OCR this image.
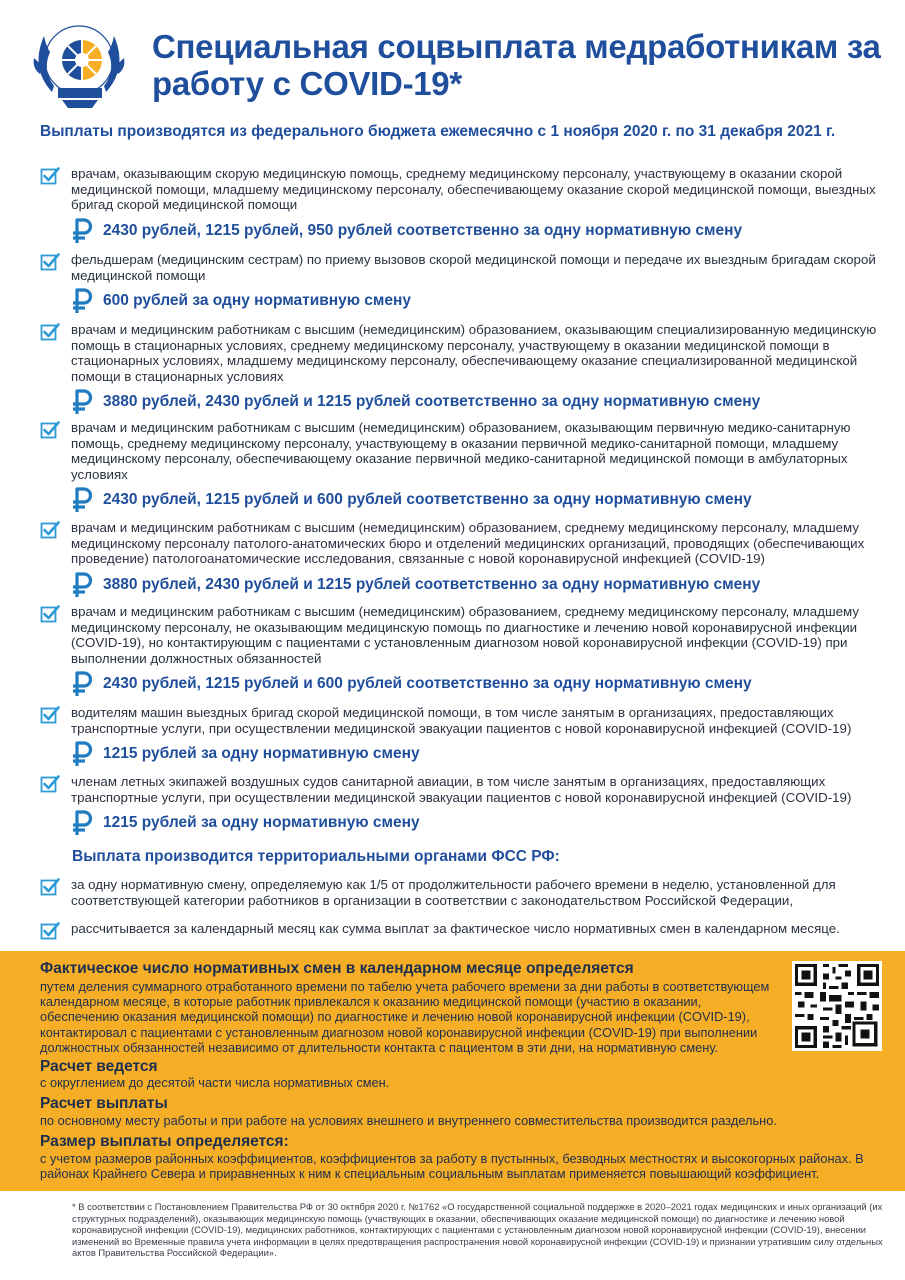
Специальная соцвыплата медработникам за работу с COVID-19*
Выплаты производятся из федерального бюджета ежемесячно с 1 ноября 2020 г. по 31 декабря 2021 г.
врачам, оказывающим скорую медицинскую помощь, среднему медицинскому персоналу, участвующему в оказании скорой медицинской помощи, младшему медицинскому персоналу, обеспечивающему оказание скорой медицинской помощи, выездных бригад скорой медицинской помощи
2430 рублей, 1215 рублей, 950 рублей соответственно за одну нормативную смену
фельдшерам (медицинским сестрам) по приему вызовов скорой медицинской помощи и передаче их выездным бригадам скорой медицинской помощи
600 рублей за одну нормативную смену
врачам и медицинским работникам с высшим (немедицинским) образованием, оказывающим специализированную медицинскую помощь в стационарных условиях, среднему медицинскому персоналу, участвующему в оказании медицинской помощи в стационарных условиях, младшему медицинскому персоналу, обеспечивающему оказание специализированной медицинской помощи в стационарных условиях
3880 рублей, 2430 рублей и 1215 рублей соответственно за одну нормативную смену
врачам и медицинским работникам с высшим (немедицинским) образованием, оказывающим первичную медико-санитарную помощь, среднему медицинскому персоналу, участвующему в оказании первичной медико-санитарной помощи, младшему медицинскому персоналу, обеспечивающему оказание первичной медико-санитарной медицинской помощи в амбулаторных условиях
2430 рублей, 1215 рублей и 600 рублей соответственно за одну нормативную смену
врачам и медицинским работникам с высшим (немедицинским) образованием, среднему медицинскому персоналу, младшему медицинскому персоналу патолого-анатомических бюро и отделений медицинских организаций, проводящих (обеспечивающих проведение) патологоанатомические исследования, связанные с новой коронавирусной инфекцией (COVID-19)
3880 рублей, 2430 рублей и 1215 рублей соответственно за одну нормативную смену
врачам и медицинским работникам с высшим (немедицинским) образованием, среднему медицинскому персоналу, младшему медицинскому персоналу, не оказывающим медицинскую помощь по диагностике и лечению новой коронавирусной инфекции (COVID-19), но контактирующим с пациентами с установленным диагнозом новой коронавирусной инфекции (COVID-19) при выполнении должностных обязанностей
2430 рублей, 1215 рублей и 600 рублей соответственно за одну нормативную смену
водителям машин выездных бригад скорой медицинской помощи, в том числе занятым в организациях, предоставляющих транспортные услуги, при осуществлении медицинской эвакуации пациентов с новой коронавирусной инфекцией (COVID-19)
1215 рублей за одну нормативную смену
членам летных экипажей воздушных судов санитарной авиации, в том числе занятым в организациях, предоставляющих транспортные услуги, при осуществлении медицинской эвакуации пациентов с новой коронавирусной инфекцией (COVID-19)
1215 рублей за одну нормативную смену
Выплата производится территориальными органами ФСС РФ:
за одну нормативную смену, определяемую как 1/5 от продолжительности рабочего времени в неделю, установленной для соответствующей категории работников в организации в соответствии с законодательством Российской Федерации,
рассчитывается за календарный месяц как сумма выплат за фактическое число нормативных смен в календарном месяце.
Фактическое число нормативных смен в календарном месяце определяется
путем деления суммарного отработанного времени по табелю учета рабочего времени за дни работы в соответствующем календарном месяце, в которые работник привлекался к оказанию медицинской помощи (участию в оказании, обеспечению оказания медицинской помощи) по диагностике и лечению новой коронавирусной инфекции (COVID-19), контактировал с пациентами с установленным диагнозом новой коронавирусной инфекции (COVID-19) при выполнении должностных обязанностей независимо от длительности контакта с пациентом в эти дни, на нормативную смену.
Расчет ведется
с округлением до десятой части числа нормативных смен.
Расчет выплаты
по основному месту работы и при работе на условиях внешнего и внутреннего совместительства производится раздельно.
Размер выплаты определяется:
с учетом размеров районных коэффициентов, коэффициентов за работу в пустынных, безводных местностях и высокогорных районах. В районах Крайнего Севера и приравненных к ним к специальным социальным выплатам применяется повышающий коэффициент.
* В соответствии с Постановлением Правительства РФ от 30 октября 2020 г. №1762 «О государственной социальной поддержке в 2020–2021 годах медицинских и иных организаций (их структурных подразделений), оказывающих медицинскую помощь (участвующих в оказании, обеспечивающих оказание медицинской помощи) по диагностике и лечению новой коронавирусной инфекции (COVID-19), медицинских работников, контактирующих с пациентами с установленным диагнозом новой коронавирусной инфекции (COVID-19), внесении изменений во Временные правила учета информации в целях предотвращения распространения новой коронавирусной инфекции (COVID-19) и признании утратившим силу отдельных актов Правительства Российской Федерации».
